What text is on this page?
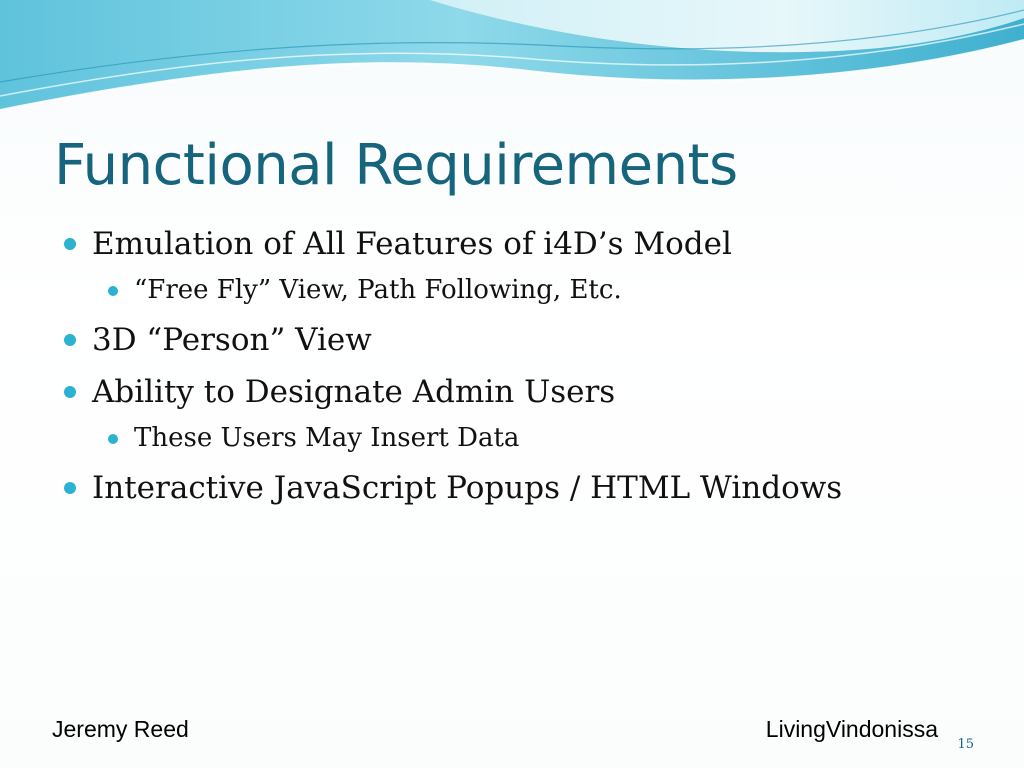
Functional Requirements
Emulation of All Features of i4D’s Model
“Free Fly” View, Path Following, Etc.
3D “Person” View
Ability to Designate Admin Users
These Users May Insert Data
Interactive JavaScript Popups / HTML Windows
Jeremy Reed	LivingVindonissa
15
